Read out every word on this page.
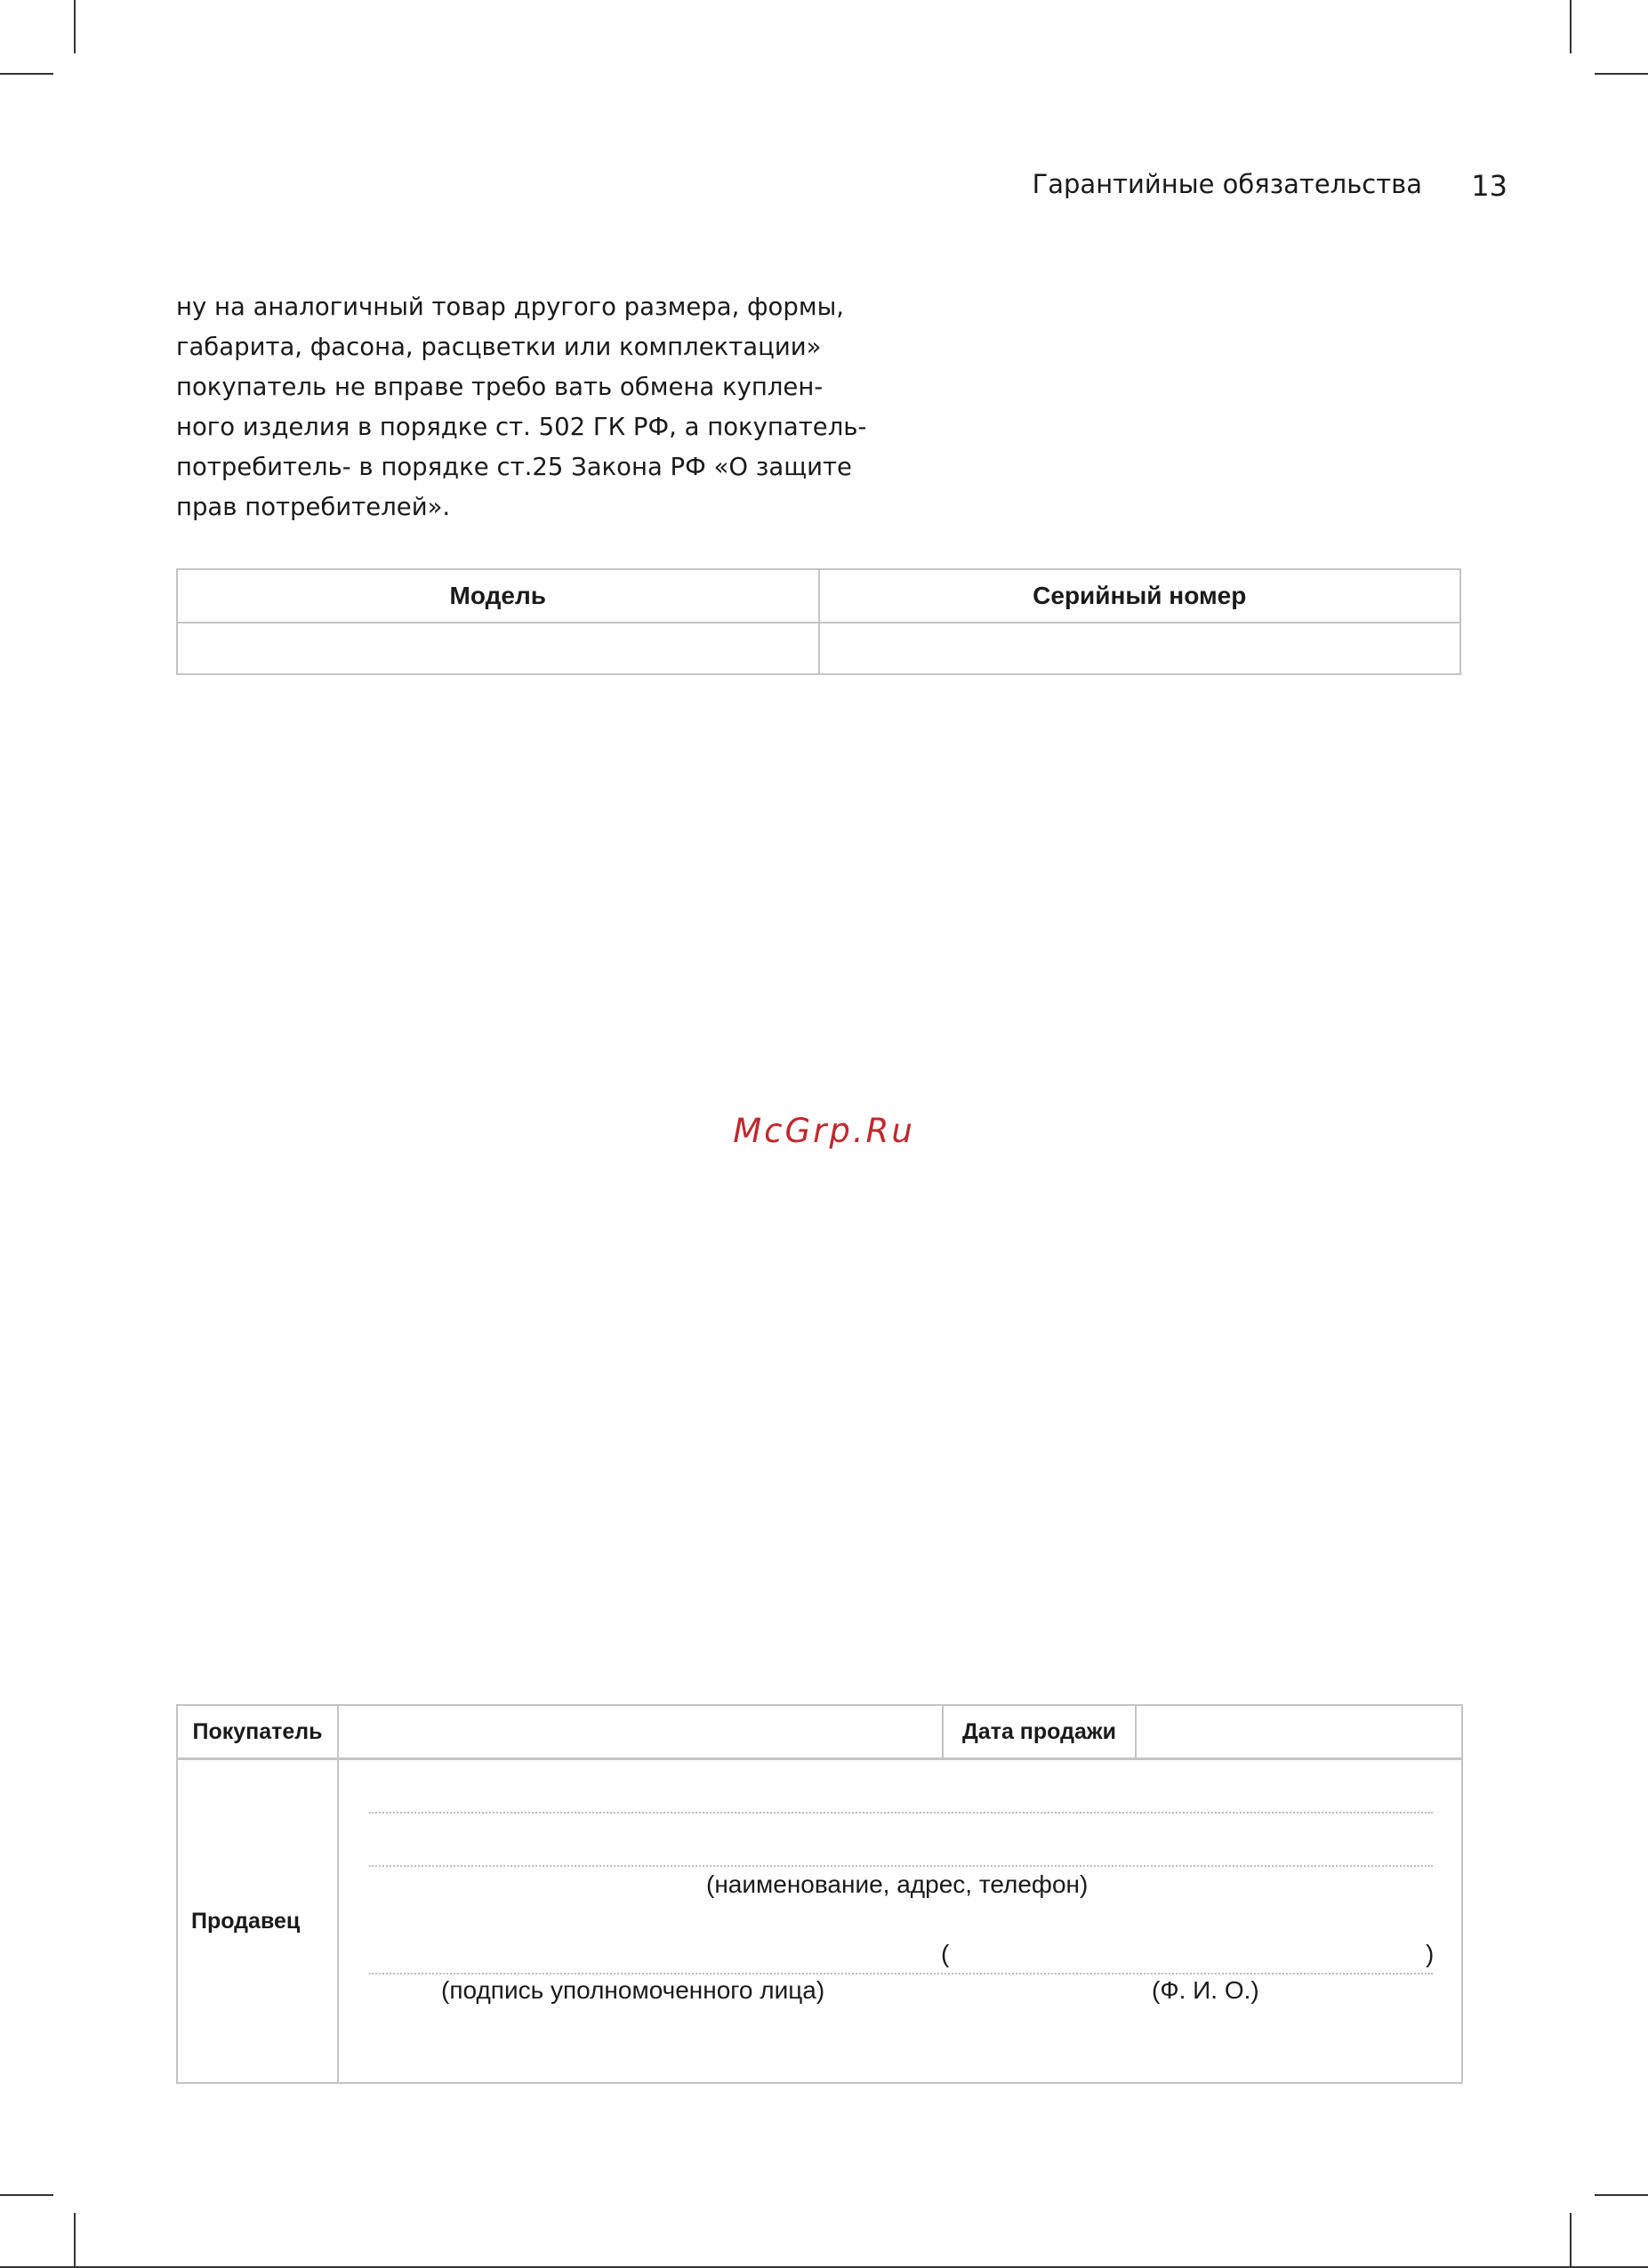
Гарантийные обязательства 13
ну на аналогичный товар другого размера, формы,
габарита, фасона, расцветки или комплектации»
покупатель не вправе требо вать обмена куплен-
ного изделия в порядке ст. 502 ГК РФ, а покупатель-
потребитель- в порядке ст.25 Закона РФ «О защите
прав потребителей».
Модель	Серийный номер

McGrp.Ru
Покупатель		Дата продажи	
Продавец	(наименование, адрес, телефон)
( )
(подпись уполномоченного лица) (Ф. И. О.)		
